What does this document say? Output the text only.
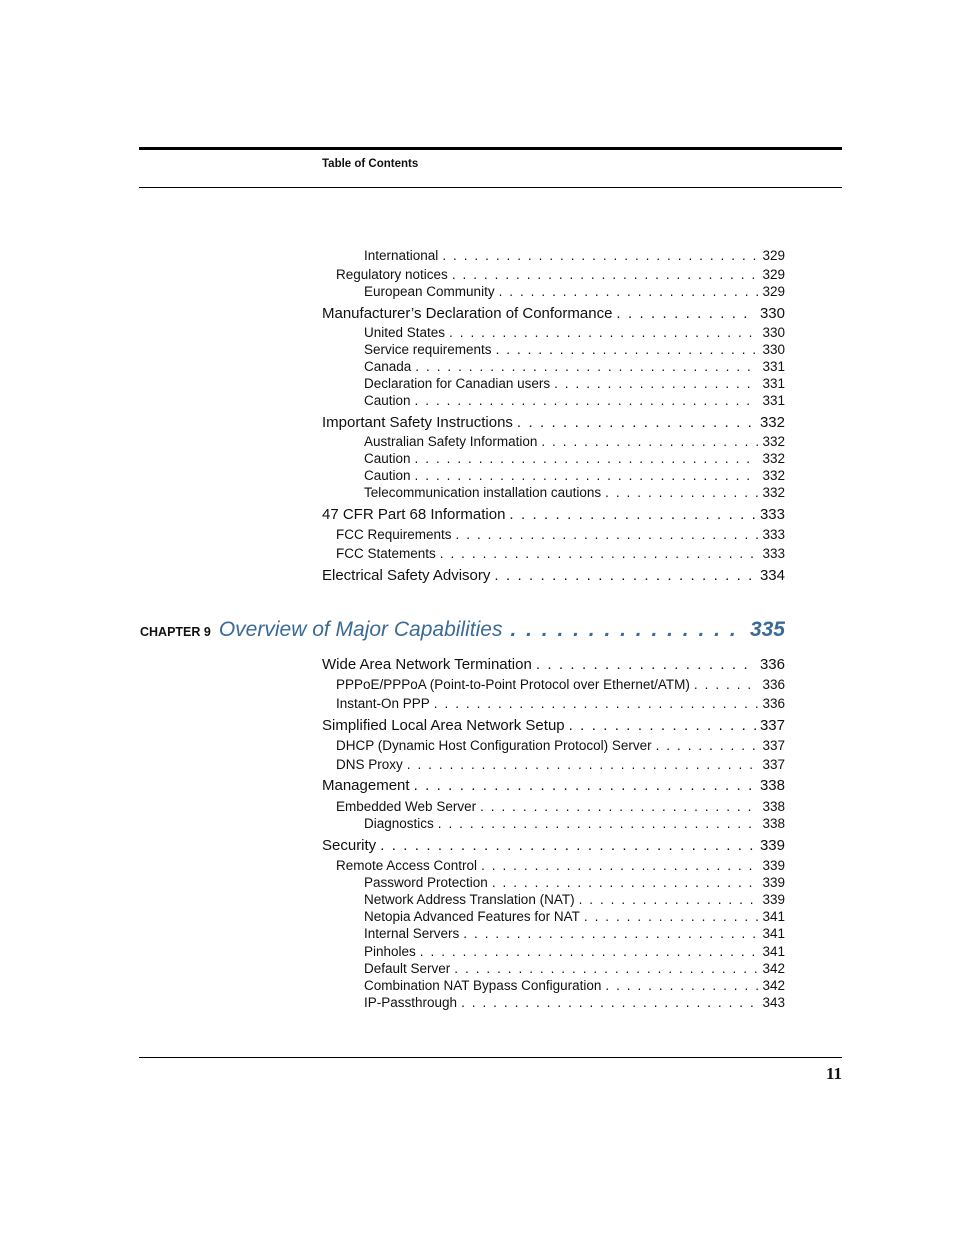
Table of Contents
International . . .	329
Regulatory notices . . .	329
European Community . . .	329
Manufacturer’s Declaration of Conformance . . .	330
United States . . .	330
Service requirements . . .	330
Canada . . .	331
Declaration for Canadian users . . .	331
Caution . . .	331
Important Safety Instructions . . .	332
Australian Safety Information . . .	332
Caution . . .	332
Caution . . .	332
Telecommunication installation cautions . . .	332
47 CFR Part 68 Information . . .	333
FCC Requirements . . .	333
FCC Statements . . .	333
Electrical Safety Advisory . . .	334
CHAPTER 9 Overview of Major Capabilities . . .	335
Wide Area Network Termination . . .	336
PPPoE/PPPoA (Point-to-Point Protocol over Ethernet/ATM) . . .	336
Instant-On PPP . . .	336
Simplified Local Area Network Setup . . .	337
DHCP (Dynamic Host Configuration Protocol) Server . . .	337
DNS Proxy . . .	337
Management . . .	338
Embedded Web Server . . .	338
Diagnostics . . .	338
Security . . .	339
Remote Access Control . . .	339
Password Protection . . .	339
Network Address Translation (NAT) . . .	339
Netopia Advanced Features for NAT . . .	341
Internal Servers . . .	341
Pinholes . . .	341
Default Server . . .	342
Combination NAT Bypass Configuration . . .	342
IP-Passthrough . . .	343
11
